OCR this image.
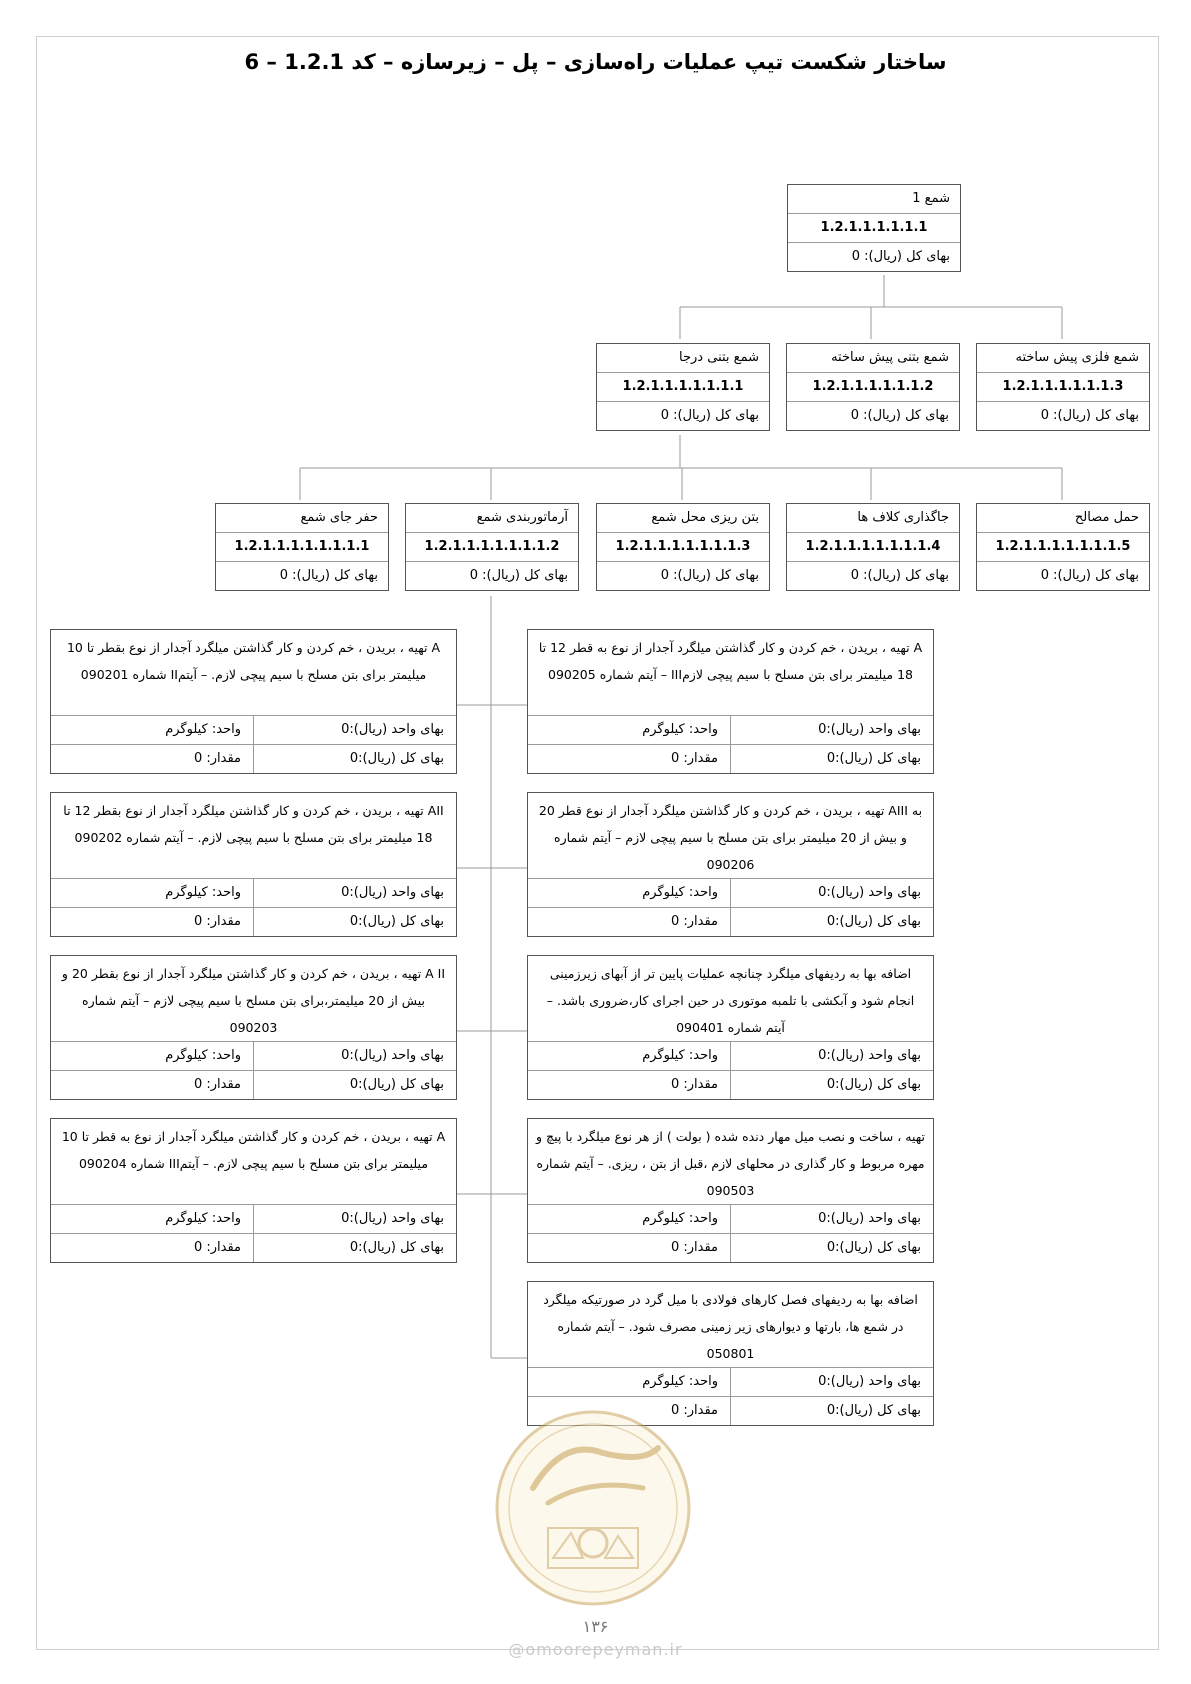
ساختار شکست تیپ عملیات راه‌سازی – پل – زیرسازه – کد 1.2.1 – 6
شمع 1
1.2.1.1.1.1.1.1
بهای کل (ریال): 0
شمع فلزی پیش ساخته
1.2.1.1.1.1.1.1.3
بهای کل (ریال): 0
شمع بتنی پیش ساخته
1.2.1.1.1.1.1.1.2
بهای کل (ریال): 0
شمع بتنی درجا
1.2.1.1.1.1.1.1.1
بهای کل (ریال): 0
حمل مصالح
1.2.1.1.1.1.1.1.1.5
بهای کل (ریال): 0
جاگذاری کلاف ها
1.2.1.1.1.1.1.1.1.4
بهای کل (ریال): 0
بتن ریزی محل شمع
1.2.1.1.1.1.1.1.1.3
بهای کل (ریال): 0
آرماتوربندی شمع
1.2.1.1.1.1.1.1.1.2
بهای کل (ریال): 0
حفر جای شمع
1.2.1.1.1.1.1.1.1.1
بهای کل (ریال): 0
A تهیه ، بریدن ، خم کردن و کار گذاشتن میلگرد آجدار از نوع بقطر تا 10 میلیمتر برای بتن مسلح با سیم پیچی لازم. – آیتمII شماره 090201
بهای واحد (ریال):0
واحد: کیلوگرم
بهای کل (ریال):0
مقدار: 0
AII تهیه ، بریدن ، خم کردن و کار گذاشتن میلگرد آجدار از نوع بقطر 12 تا 18 میلیمتر برای بتن مسلح با سیم پیچی لازم. – آیتم شماره 090202
بهای واحد (ریال):0
واحد: کیلوگرم
بهای کل (ریال):0
مقدار: 0
A II تهیه ، بریدن ، خم کردن و کار گذاشتن میلگرد آجدار از نوع بقطر 20 و بیش از 20 میلیمتر،برای بتن مسلح با سیم پیچی لازم – آیتم شماره 090203
بهای واحد (ریال):0
واحد: کیلوگرم
بهای کل (ریال):0
مقدار: 0
A تهیه ، بریدن ، خم کردن و کار گذاشتن میلگرد آجدار از نوع به قطر تا 10 میلیمتر برای بتن مسلح با سیم پیچی لازم. – آیتمIII شماره 090204
بهای واحد (ریال):0
واحد: کیلوگرم
بهای کل (ریال):0
مقدار: 0
A تهیه ، بریدن ، خم کردن و کار گذاشتن میلگرد آجدار از نوع به قطر 12 تا 18 میلیمتر برای بتن مسلح با سیم پیچی لازمIII – آیتم شماره 090205
بهای واحد (ریال):0
واحد: کیلوگرم
بهای کل (ریال):0
مقدار: 0
به AIII تهیه ، بریدن ، خم کردن و کار گذاشتن میلگرد آجدار از نوع قطر 20 و بیش از 20 میلیمتر برای بتن مسلح با سیم پیچی لازم – آیتم شماره 090206
بهای واحد (ریال):0
واحد: کیلوگرم
بهای کل (ریال):0
مقدار: 0
اضافه بها به ردیفهای میلگرد چنانچه عملیات پایین تر از آبهای زیرزمینی انجام شود و آبکشی با تلمبه موتوری در حین اجرای کار،ضروری باشد. – آیتم شماره 090401
بهای واحد (ریال):0
واحد: کیلوگرم
بهای کل (ریال):0
مقدار: 0
تهیه ، ساخت و نصب میل مهار دنده شده ( بولت ) از هر نوع میلگرد با پیچ و مهره مربوط و کار گذاری در محلهای لازم ،قبل از بتن ، ریزی. – آیتم شماره 090503
بهای واحد (ریال):0
واحد: کیلوگرم
بهای کل (ریال):0
مقدار: 0
اضافه بها به ردیفهای فصل کارهای فولادی با میل گرد در صورتیکه میلگرد در شمع ها، بارتها و دیوارهای زیر زمینی مصرف شود. – آیتم شماره 050801
بهای واحد (ریال):0
واحد: کیلوگرم
بهای کل (ریال):0
مقدار: 0
١٣۶
@omoorepeyman.ir
